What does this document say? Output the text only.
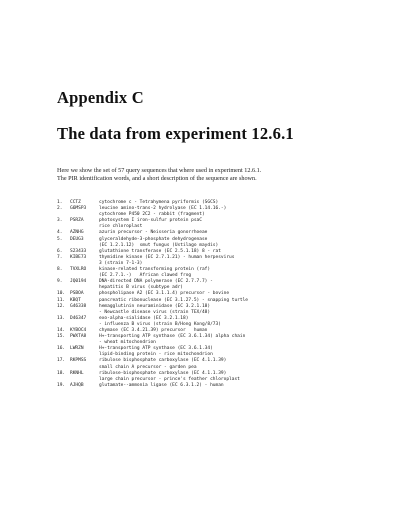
Appendix C
The data from experiment 12.6.1
Here we show the set of 57 query sequences that where used in experiment 12.6.1.
The PIR identification words, and a short description of the sequence are shown.
1.	CCTZ	cytochrome c - Tetrahymena pyriformis (SGCS)
2.	G6MSP3	leucine amino-trans-2 hydrolyase (EC 1.14.16.-)
cytochrome P450 2C2 - rabbit (fragment)
3.	PSRZA	photosystem I iron-sulfur protein psaC
rice chloroplast
4.	AZNHG	azurin precursor - Neisseria gonorrhoeae
5.	DEUG3	glyceraldehyde-3-phosphate dehydrogenase
(EC 1.2.1.12)  smut fungus (Ustilago maydis)
6.	S23433	glutathione transferase (EC 2.5.1.18) 8 - rat
7.	KIBE73	thymidine kinase (EC 2.7.1.21) - human herpesvirus
3 (strain 7-1-3)
8.	TVXLRO	kinase-related transforming protein (raf)
(EC 2.7.1.-)   African clawed frog
9.	JQ0194	DNA-directed DNA polymerase (EC 2.7.7.7) -
hepatitis B virus (subtype adr)
10.	PSBOA	phospholipase A2 (EC 3.1.1.4) precursor - bovine
11.	KBQT	pancreatic ribonuclease (EC 3.1.27.5) - snapping turtle
12.	G46338	hemagglutinin neuraminidase (EC 3.2.1.18)
- Newcastle disease virus (strain TEX/48)
13.	D46347	exo-alpha-sialidase (EC 3.2.1.18)
- influenza B virus (strain B/Hong Kong/8/73)
14.	KYBOC4	chymase (EC 3.4.21.39) precursor   human
15.	PWXTA8	H+-transporting ATP synthase (EC 3.6.1.34) alpha chain
- wheat mitochondrion
16.	LWRZN	H+-transporting ATP synthase (EC 3.6.1.34)
lipid-binding protein - rice mitochondrion
17.	RKPMSS	ribulose bisphosphate carboxylase (EC 4.1.1.39)
small chain A precursor - garden pea
18.	RKNHL	ribulose-bisphosphate carboxylase (EC 4.1.1.39)
large chain precursor - prince's feather chloroplast
19.	AJHQB	glutamate--ammonia ligase (EC 6.3.1.2) - human
